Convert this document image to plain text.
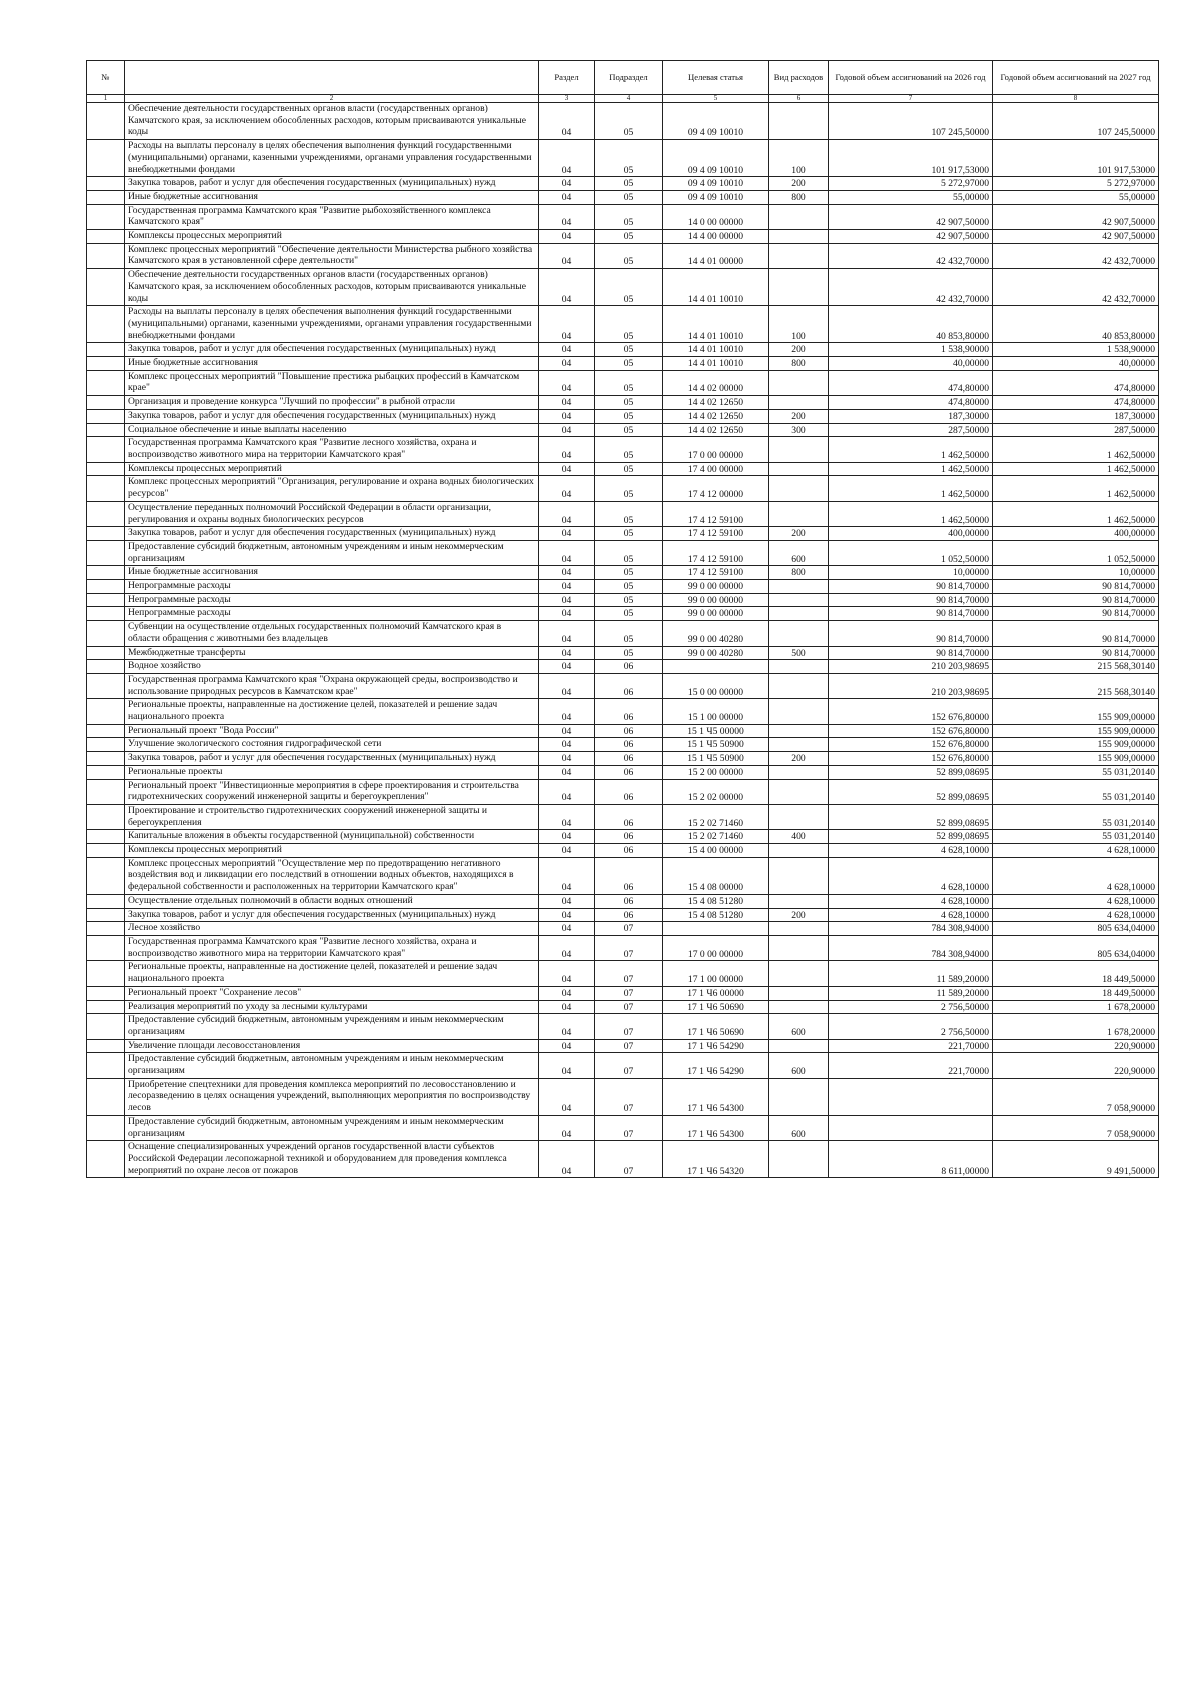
№		Раздел	Подраздел	Целевая статья	Вид расходов	Годовой объем ассигнований на 2026 год	Годовой объем ассигнований на 2027 год
1	2	3	4	5	6	7	8
	Обеспечение деятельности государственных органов власти (государственных органов) Камчатского края, за исключением обособленных расходов, которым присваиваются уникальные коды	04	05	09 4 09 10010		107 245,50000	107 245,50000
	Расходы на выплаты персоналу в целях обеспечения выполнения функций государственными (муниципальными) органами, казенными учреждениями, органами управления государственными внебюджетными фондами	04	05	09 4 09 10010	100	101 917,53000	101 917,53000
	Закупка товаров, работ и услуг для обеспечения государственных (муниципальных) нужд	04	05	09 4 09 10010	200	5 272,97000	5 272,97000
	Иные бюджетные ассигнования	04	05	09 4 09 10010	800	55,00000	55,00000
	Государственная программа Камчатского края "Развитие рыбохозяйственного комплекса Камчатского края"	04	05	14 0 00 00000		42 907,50000	42 907,50000
	Комплексы процессных мероприятий	04	05	14 4 00 00000		42 907,50000	42 907,50000
	Комплекс процессных мероприятий "Обеспечение деятельности Министерства рыбного хозяйства Камчатского края в установленной сфере деятельности"	04	05	14 4 01 00000		42 432,70000	42 432,70000
	Обеспечение деятельности государственных органов власти (государственных органов) Камчатского края, за исключением обособленных расходов, которым присваиваются уникальные коды	04	05	14 4 01 10010		42 432,70000	42 432,70000
	Расходы на выплаты персоналу в целях обеспечения выполнения функций государственными (муниципальными) органами, казенными учреждениями, органами управления государственными внебюджетными фондами	04	05	14 4 01 10010	100	40 853,80000	40 853,80000
	Закупка товаров, работ и услуг для обеспечения государственных (муниципальных) нужд	04	05	14 4 01 10010	200	1 538,90000	1 538,90000
	Иные бюджетные ассигнования	04	05	14 4 01 10010	800	40,00000	40,00000
	Комплекс процессных мероприятий "Повышение престижа рыбацких профессий в Камчатском крае"	04	05	14 4 02 00000		474,80000	474,80000
	Организация и проведение конкурса "Лучший по профессии" в рыбной отрасли	04	05	14 4 02 12650		474,80000	474,80000
	Закупка товаров, работ и услуг для обеспечения государственных (муниципальных) нужд	04	05	14 4 02 12650	200	187,30000	187,30000
	Социальное обеспечение и иные выплаты населению	04	05	14 4 02 12650	300	287,50000	287,50000
	Государственная программа Камчатского края "Развитие лесного хозяйства, охрана и воспроизводство животного мира на территории Камчатского края"	04	05	17 0 00 00000		1 462,50000	1 462,50000
	Комплексы процессных мероприятий	04	05	17 4 00 00000		1 462,50000	1 462,50000
	Комплекс процессных мероприятий "Организация, регулирование и охрана водных биологических ресурсов"	04	05	17 4 12 00000		1 462,50000	1 462,50000
	Осуществление переданных полномочий Российской Федерации в области организации, регулирования и охраны водных биологических ресурсов	04	05	17 4 12 59100		1 462,50000	1 462,50000
	Закупка товаров, работ и услуг для обеспечения государственных (муниципальных) нужд	04	05	17 4 12 59100	200	400,00000	400,00000
	Предоставление субсидий бюджетным, автономным учреждениям и иным некоммерческим организациям	04	05	17 4 12 59100	600	1 052,50000	1 052,50000
	Иные бюджетные ассигнования	04	05	17 4 12 59100	800	10,00000	10,00000
	Непрограммные расходы	04	05	99 0 00 00000		90 814,70000	90 814,70000
	Непрограммные расходы	04	05	99 0 00 00000		90 814,70000	90 814,70000
	Непрограммные расходы	04	05	99 0 00 00000		90 814,70000	90 814,70000
	Субвенции на осуществление отдельных государственных полномочий Камчатского края в области обращения с животными без владельцев	04	05	99 0 00 40280		90 814,70000	90 814,70000
	Межбюджетные трансферты	04	05	99 0 00 40280	500	90 814,70000	90 814,70000
	Водное хозяйство	04	06			210 203,98695	215 568,30140
	Государственная программа Камчатского края "Охрана окружающей среды, воспроизводство и использование природных ресурсов в Камчатском крае"	04	06	15 0 00 00000		210 203,98695	215 568,30140
	Региональные проекты, направленные на достижение целей, показателей и решение задач национального проекта	04	06	15 1 00 00000		152 676,80000	155 909,00000
	Региональный проект "Вода России"	04	06	15 1 Ч5 00000		152 676,80000	155 909,00000
	Улучшение экологического состояния гидрографической сети	04	06	15 1 Ч5 50900		152 676,80000	155 909,00000
	Закупка товаров, работ и услуг для обеспечения государственных (муниципальных) нужд	04	06	15 1 Ч5 50900	200	152 676,80000	155 909,00000
	Региональные проекты	04	06	15 2 00 00000		52 899,08695	55 031,20140
	Региональный проект "Инвестиционные мероприятия в сфере проектирования и строительства гидротехнических сооружений инженерной защиты и берегоукрепления"	04	06	15 2 02 00000		52 899,08695	55 031,20140
	Проектирование и строительство гидротехнических сооружений инженерной защиты и берегоукрепления	04	06	15 2 02 71460		52 899,08695	55 031,20140
	Капитальные вложения в объекты государственной (муниципальной) собственности	04	06	15 2 02 71460	400	52 899,08695	55 031,20140
	Комплексы процессных мероприятий	04	06	15 4 00 00000		4 628,10000	4 628,10000
	Комплекс процессных мероприятий "Осуществление мер по предотвращению негативного воздействия вод и ликвидации его последствий в отношении водных объектов, находящихся в федеральной собственности и расположенных на территории Камчатского края"	04	06	15 4 08 00000		4 628,10000	4 628,10000
	Осуществление отдельных полномочий в области водных отношений	04	06	15 4 08 51280		4 628,10000	4 628,10000
	Закупка товаров, работ и услуг для обеспечения государственных (муниципальных) нужд	04	06	15 4 08 51280	200	4 628,10000	4 628,10000
	Лесное хозяйство	04	07			784 308,94000	805 634,04000
	Государственная программа Камчатского края "Развитие лесного хозяйства, охрана и воспроизводство животного мира на территории Камчатского края"	04	07	17 0 00 00000		784 308,94000	805 634,04000
	Региональные проекты, направленные на достижение целей, показателей и решение задач национального проекта	04	07	17 1 00 00000		11 589,20000	18 449,50000
	Региональный проект "Сохранение лесов"	04	07	17 1 Ч6 00000		11 589,20000	18 449,50000
	Реализация мероприятий по уходу за лесными культурами	04	07	17 1 Ч6 50690		2 756,50000	1 678,20000
	Предоставление субсидий бюджетным, автономным учреждениям и иным некоммерческим организациям	04	07	17 1 Ч6 50690	600	2 756,50000	1 678,20000
	Увеличение площади лесовосстановления	04	07	17 1 Ч6 54290		221,70000	220,90000
	Предоставление субсидий бюджетным, автономным учреждениям и иным некоммерческим организациям	04	07	17 1 Ч6 54290	600	221,70000	220,90000
	Приобретение спецтехники для проведения комплекса мероприятий по лесовосстановлению и лесоразведению в целях оснащения учреждений, выполняющих мероприятия по воспроизводству лесов	04	07	17 1 Ч6 54300			7 058,90000
	Предоставление субсидий бюджетным, автономным учреждениям и иным некоммерческим организациям	04	07	17 1 Ч6 54300	600		7 058,90000
	Оснащение специализированных учреждений органов государственной власти субъектов Российской Федерации лесопожарной техникой и оборудованием для проведения комплекса мероприятий по охране лесов от пожаров	04	07	17 1 Ч6 54320		8 611,00000	9 491,50000
